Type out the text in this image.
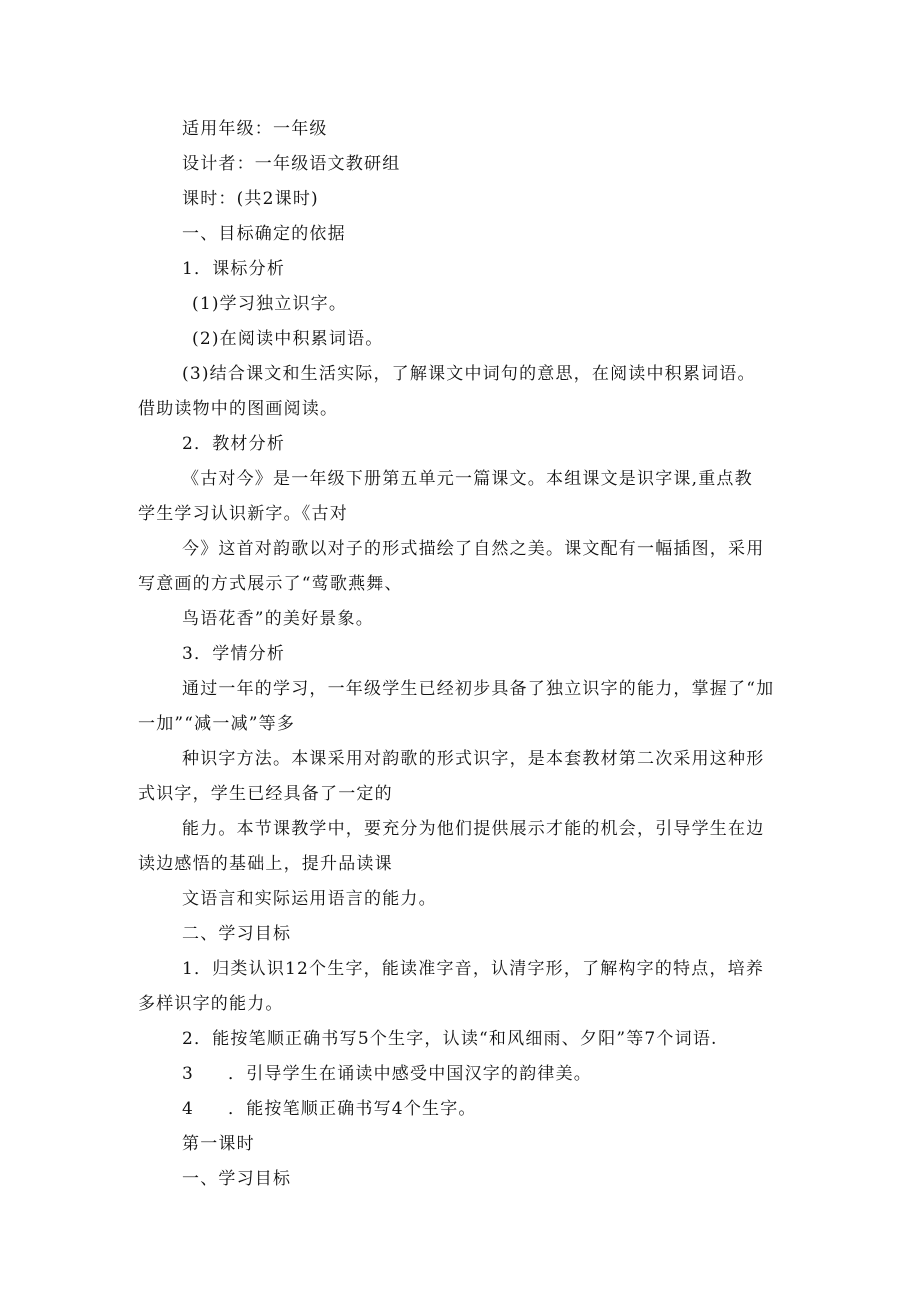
适用年级：一年级
设计者：一年级语文教研组
课时：(共2课时)
一、目标确定的依据
1．课标分析
(1)学习独立识字。
(2)在阅读中积累词语。
(3)结合课文和生活实际，了解课文中词句的意思，在阅读中积累词语。
借助读物中的图画阅读。
2．教材分析
《古对今》是一年级下册第五单元一篇课文。本组课文是识字课,重点教
学生学习认识新字。《古对
今》这首对韵歌以对子的形式描绘了自然之美。课文配有一幅插图，采用
写意画的方式展示了“莺歌燕舞、
鸟语花香”的美好景象。
3．学情分析
通过一年的学习，一年级学生已经初步具备了独立识字的能力，掌握了“加
一加”“减一减”等多
种识字方法。本课采用对韵歌的形式识字，是本套教材第二次采用这种形
式识字，学生已经具备了一定的
能力。本节课教学中，要充分为他们提供展示才能的机会，引导学生在边
读边感悟的基础上，提升品读课
文语言和实际运用语言的能力。
二、学习目标
1．归类认识12个生字，能读准字音，认清字形，了解构字的特点，培养
多样识字的能力。
2．能按笔顺正确书写5个生字，认读“和风细雨、夕阳”等7个词语.
3 ．引导学生在诵读中感受中国汉字的韵律美。
4 ．能按笔顺正确书写4个生字。
第一课时
一、学习目标
